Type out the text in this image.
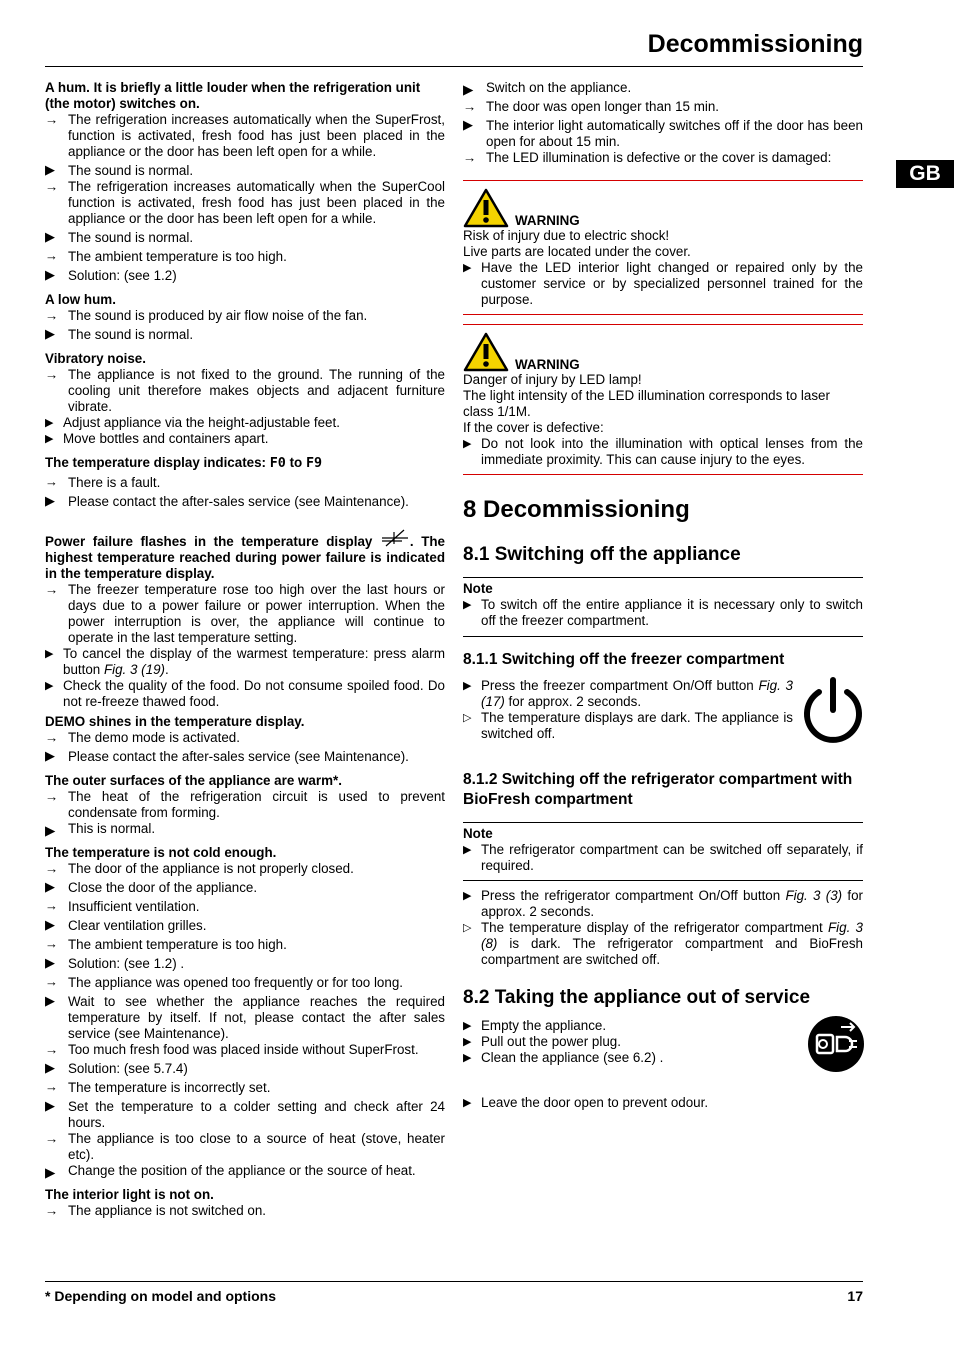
Decommissioning
GB
A hum. It is briefly a little louder when the refrigeration unit (the motor) switches on.
→ The refrigeration increases automatically when the SuperFrost, function is activated, fresh food has just been placed in the appliance or the door has been left open for a while.
▶ The sound is normal.
→ The refrigeration increases automatically when the SuperCool function is activated, fresh food has just been placed in the appliance or the door has been left open for a while.
▶ The sound is normal.
→ The ambient temperature is too high.
▶ Solution: (see 1.2)
A low hum.
→ The sound is produced by air flow noise of the fan.
▶ The sound is normal.
Vibratory noise.
→ The appliance is not fixed to the ground. The running of the cooling unit therefore makes objects and adjacent furniture vibrate.
▶ Adjust appliance via the height-adjustable feet.
▶ Move bottles and containers apart.
The temperature display indicates: F0 to F9
→ There is a fault.
▶ Please contact the after-sales service (see Maintenance).
Power failure flashes in the temperature display . The highest temperature reached during power failure is indicated in the temperature display.
→ The freezer temperature rose too high over the last hours or days due to a power failure or power interruption. When the power interruption is over, the appliance will continue to operate in the last temperature setting.
▶ To cancel the display of the warmest temperature: press alarm button Fig. 3 (19).
▶ Check the quality of the food. Do not consume spoiled food. Do not re-freeze thawed food.
DEMO shines in the temperature display.
→ The demo mode is activated.
▶ Please contact the after-sales service (see Maintenance).
The outer surfaces of the appliance are warm*.
→ The heat of the refrigeration circuit is used to prevent condensate from forming.
▶ This is normal.
The temperature is not cold enough.
→ The door of the appliance is not properly closed.
▶ Close the door of the appliance.
→ Insufficient ventilation.
▶ Clear ventilation grilles.
→ The ambient temperature is too high.
▶ Solution: (see 1.2) .
→ The appliance was opened too frequently or for too long.
▶ Wait to see whether the appliance reaches the required temperature by itself. If not, please contact the after sales service (see Maintenance).
→ Too much fresh food was placed inside without SuperFrost.
▶ Solution: (see 5.7.4)
→ The temperature is incorrectly set.
▶ Set the temperature to a colder setting and check after 24 hours.
→ The appliance is too close to a source of heat (stove, heater etc).
▶ Change the position of the appliance or the source of heat.
The interior light is not on.
→ The appliance is not switched on.
▶ Switch on the appliance.
→ The door was open longer than 15 min.
▶ The interior light automatically switches off if the door has been open for about 15 min.
→ The LED illumination is defective or the cover is damaged:
WARNING
Risk of injury due to electric shock!
Live parts are located under the cover.
▶ Have the LED interior light changed or repaired only by the customer service or by specialized personnel trained for the purpose.
WARNING
Danger of injury by LED lamp!
The light intensity of the LED illumination corresponds to laser class 1/1M.
If the cover is defective:
▶ Do not look into the illumination with optical lenses from the immediate proximity. This can cause injury to the eyes.
8 Decommissioning
8.1 Switching off the appliance
Note
▶ To switch off the entire appliance it is necessary only to switch off the freezer compartment.
8.1.1 Switching off the freezer compartment
▶ Press the freezer compartment On/Off button Fig. 3 (17) for approx. 2 seconds.
▷ The temperature displays are dark. The appliance is switched off.
8.1.2 Switching off the refrigerator compartment with BioFresh compartment
Note
▶ The refrigerator compartment can be switched off separately, if required.
▶ Press the refrigerator compartment On/Off button Fig. 3 (3) for approx. 2 seconds.
▷ The temperature display of the refrigerator compartment Fig. 3 (8) is dark. The refrigerator compartment and BioFresh compartment are switched off.
8.2 Taking the appliance out of service
▶ Empty the appliance.
▶ Pull out the power plug.
▶ Clean the appliance (see 6.2) .
▶ Leave the door open to prevent odour.
* Depending on model and options	17
